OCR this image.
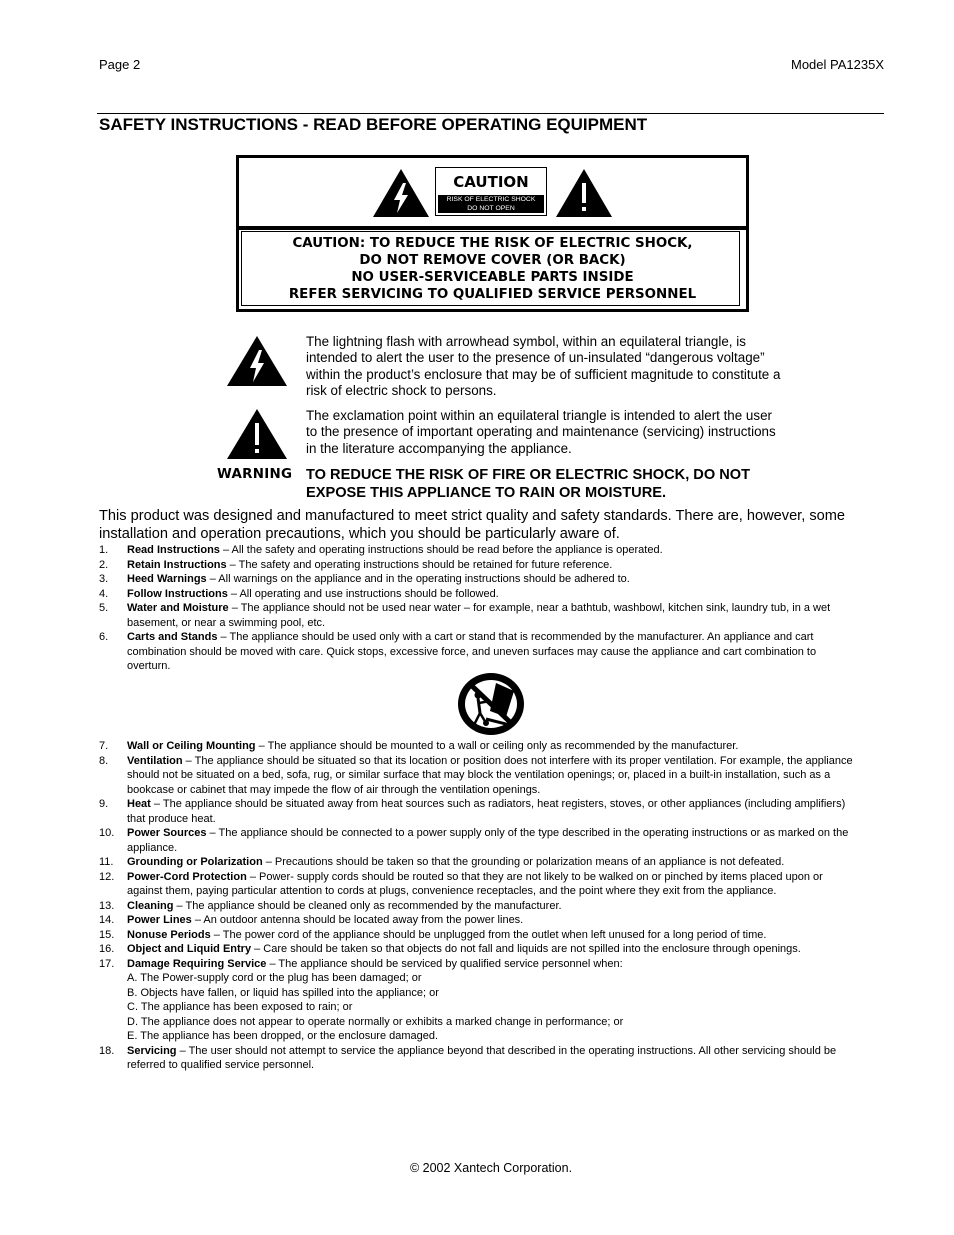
Page 2	Model PA1235X
SAFETY INSTRUCTIONS - READ BEFORE OPERATING EQUIPMENT
CAUTION
RISK OF ELECTRIC SHOCK
DO NOT OPEN
CAUTION: TO REDUCE THE RISK OF ELECTRIC SHOCK,
DO NOT REMOVE COVER (OR BACK)
NO USER-SERVICEABLE PARTS INSIDE
REFER SERVICING TO QUALIFIED SERVICE PERSONNEL
The lightning flash with arrowhead symbol, within an equilateral triangle, is intended to alert the user to the presence of un-insulated “dangerous voltage” within the product’s enclosure that may be of sufficient magnitude to constitute a risk of electric shock to persons.
The exclamation point within an equilateral triangle is intended to alert the user to the presence of important operating and maintenance (servicing) instructions in the literature accompanying the appliance.
WARNING TO REDUCE THE RISK OF FIRE OR ELECTRIC SHOCK, DO NOT EXPOSE THIS APPLIANCE TO RAIN OR MOISTURE.
This product was designed and manufactured to meet strict quality and safety standards. There are, however, some installation and operation precautions, which you should be particularly aware of.
1.	Read Instructions – All the safety and operating instructions should be read before the appliance is operated.
2.	Retain Instructions – The safety and operating instructions should be retained for future reference.
3.	Heed Warnings – All warnings on the appliance and in the operating instructions should be adhered to.
4.	Follow Instructions – All operating and use instructions should be followed.
5.	Water and Moisture – The appliance should not be used near water – for example, near a bathtub, washbowl, kitchen sink, laundry tub, in a wet basement, or near a swimming pool, etc.
6.	Carts and Stands – The appliance should be used only with a cart or stand that is recommended by the manufacturer. An appliance and cart combination should be moved with care. Quick stops, excessive force, and uneven surfaces may cause the appliance and cart combination to overturn.
7.	Wall or Ceiling Mounting – The appliance should be mounted to a wall or ceiling only as recommended by the manufacturer.
8.	Ventilation – The appliance should be situated so that its location or position does not interfere with its proper ventilation. For example, the appliance should not be situated on a bed, sofa, rug, or similar surface that may block the ventilation openings; or, placed in a built-in installation, such as a bookcase or cabinet that may impede the flow of air through the ventilation openings.
9.	Heat – The appliance should be situated away from heat sources such as radiators, heat registers, stoves, or other appliances (including amplifiers) that produce heat.
10.	Power Sources – The appliance should be connected to a power supply only of the type described in the operating instructions or as marked on the appliance.
11.	Grounding or Polarization – Precautions should be taken so that the grounding or polarization means of an appliance is not defeated.
12.	Power-Cord Protection – Power- supply cords should be routed so that they are not likely to be walked on or pinched by items placed upon or against them, paying particular attention to cords at plugs, convenience receptacles, and the point where they exit from the appliance.
13.	Cleaning – The appliance should be cleaned only as recommended by the manufacturer.
14.	Power Lines – An outdoor antenna should be located away from the power lines.
15.	Nonuse Periods – The power cord of the appliance should be unplugged from the outlet when left unused for a long period of time.
16.	Object and Liquid Entry – Care should be taken so that objects do not fall and liquids are not spilled into the enclosure through openings.
17.	Damage Requiring Service – The appliance should be serviced by qualified service personnel when:
A. The Power-supply cord or the plug has been damaged; or
B. Objects have fallen, or liquid has spilled into the appliance; or
C. The appliance has been exposed to rain; or
D. The appliance does not appear to operate normally or exhibits a marked change in performance; or
E. The appliance has been dropped, or the enclosure damaged.
18.	Servicing – The user should not attempt to service the appliance beyond that described in the operating instructions. All other servicing should be referred to qualified service personnel.
© 2002 Xantech Corporation.
